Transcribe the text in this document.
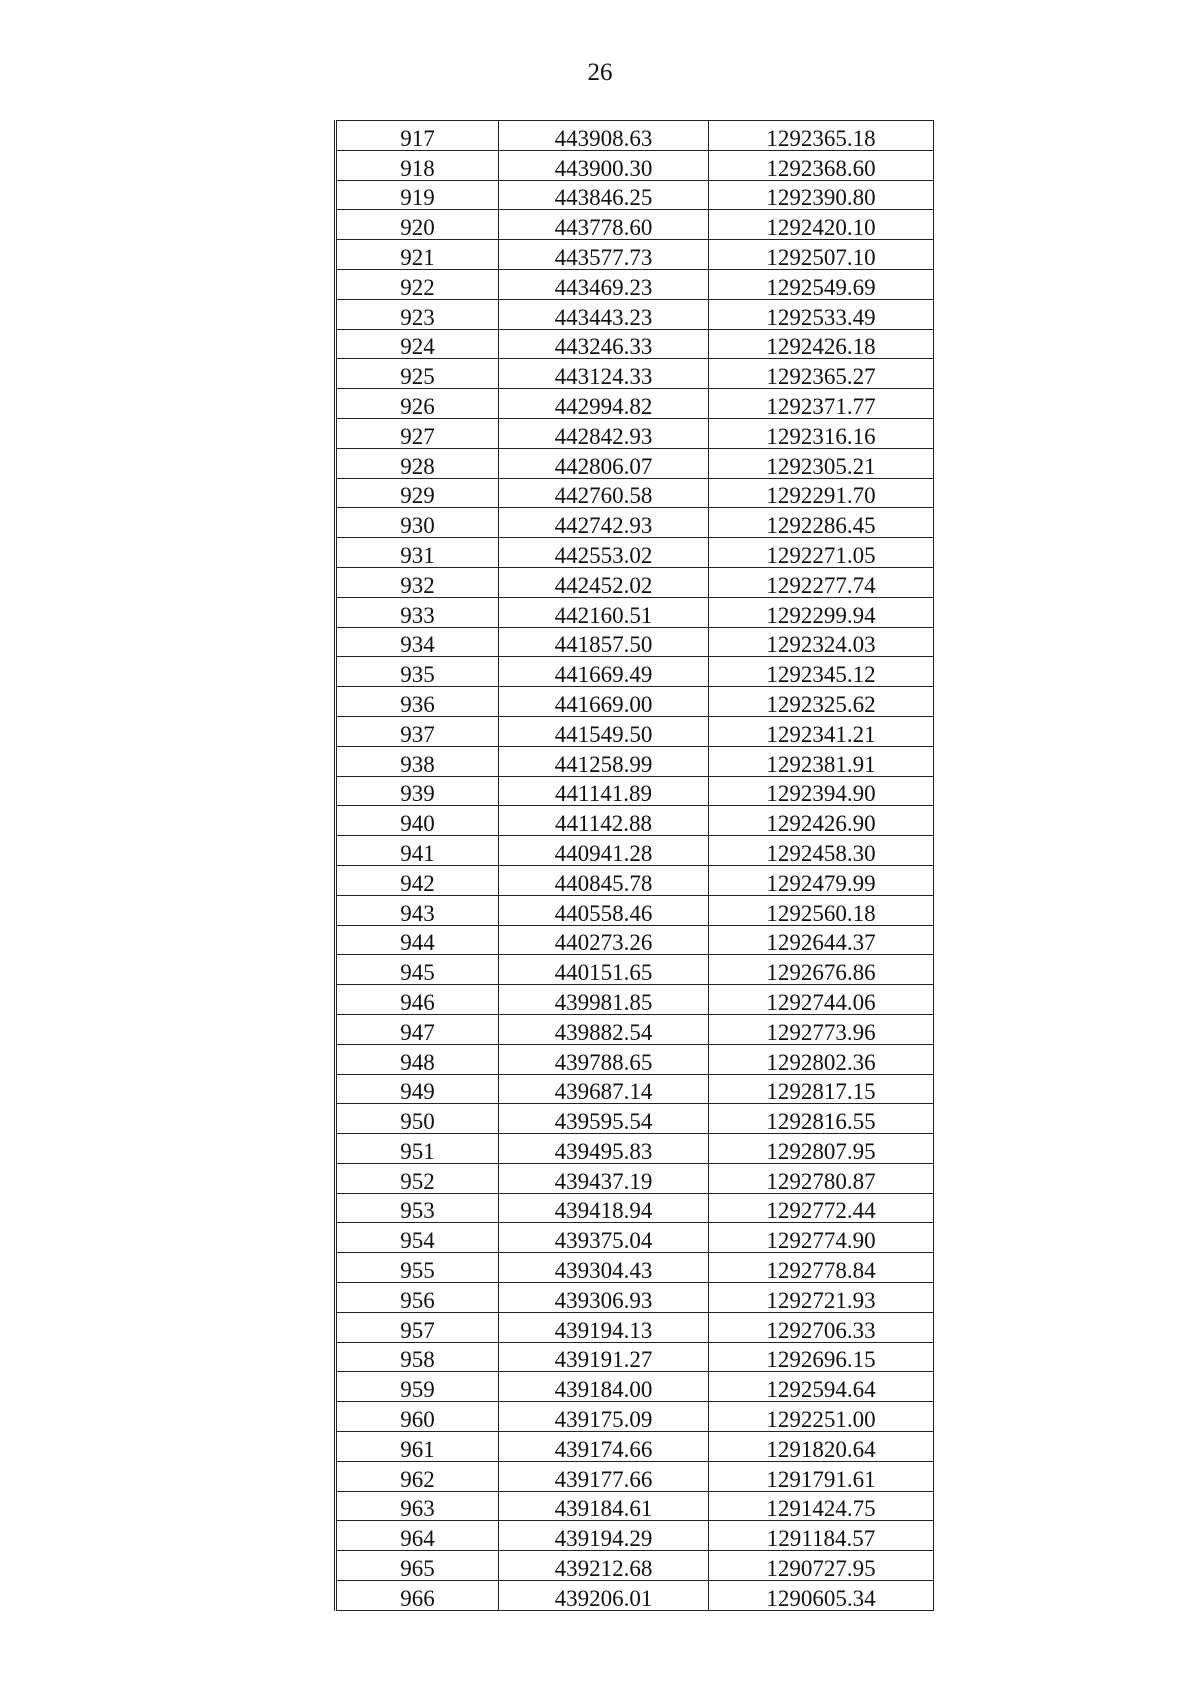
26
917	443908.63	1292365.18
918	443900.30	1292368.60
919	443846.25	1292390.80
920	443778.60	1292420.10
921	443577.73	1292507.10
922	443469.23	1292549.69
923	443443.23	1292533.49
924	443246.33	1292426.18
925	443124.33	1292365.27
926	442994.82	1292371.77
927	442842.93	1292316.16
928	442806.07	1292305.21
929	442760.58	1292291.70
930	442742.93	1292286.45
931	442553.02	1292271.05
932	442452.02	1292277.74
933	442160.51	1292299.94
934	441857.50	1292324.03
935	441669.49	1292345.12
936	441669.00	1292325.62
937	441549.50	1292341.21
938	441258.99	1292381.91
939	441141.89	1292394.90
940	441142.88	1292426.90
941	440941.28	1292458.30
942	440845.78	1292479.99
943	440558.46	1292560.18
944	440273.26	1292644.37
945	440151.65	1292676.86
946	439981.85	1292744.06
947	439882.54	1292773.96
948	439788.65	1292802.36
949	439687.14	1292817.15
950	439595.54	1292816.55
951	439495.83	1292807.95
952	439437.19	1292780.87
953	439418.94	1292772.44
954	439375.04	1292774.90
955	439304.43	1292778.84
956	439306.93	1292721.93
957	439194.13	1292706.33
958	439191.27	1292696.15
959	439184.00	1292594.64
960	439175.09	1292251.00
961	439174.66	1291820.64
962	439177.66	1291791.61
963	439184.61	1291424.75
964	439194.29	1291184.57
965	439212.68	1290727.95
966	439206.01	1290605.34
